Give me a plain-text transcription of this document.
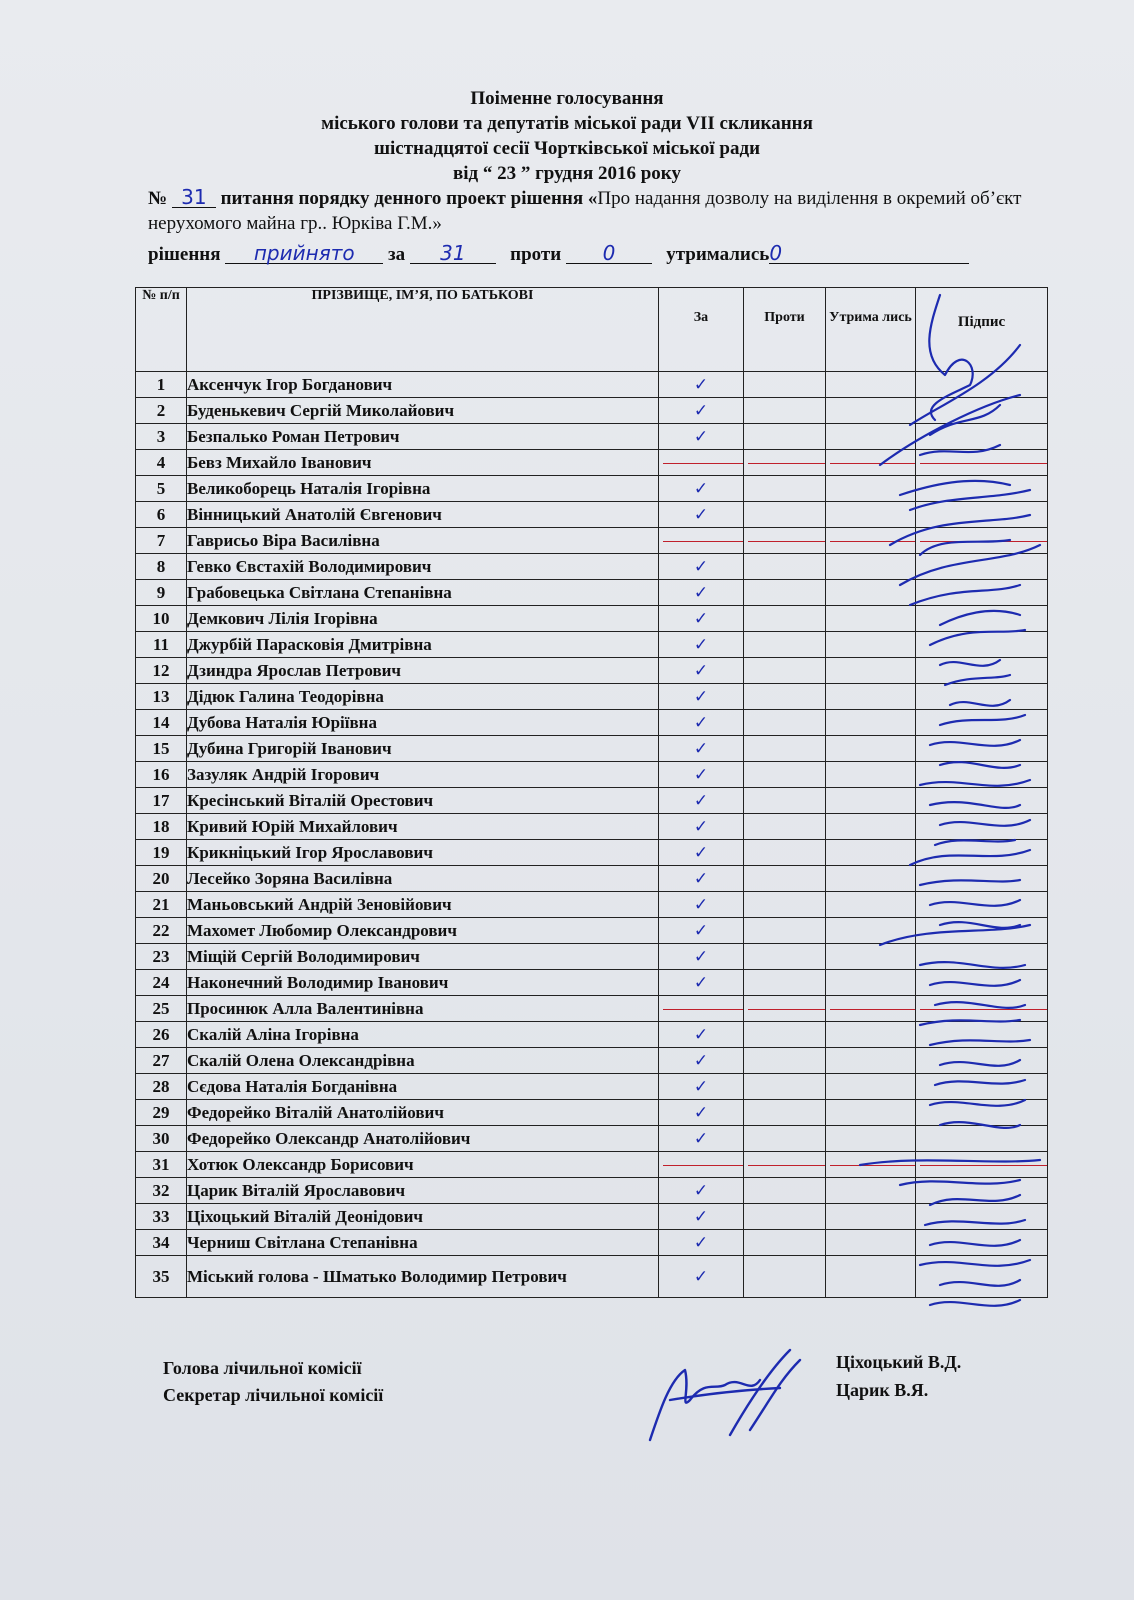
Поіменне голосування
міського голови та депутатів міської ради VII скликання
шістнадцятої сесії Чортківської міської ради
від “ 23 ” грудня 2016 року
№ 31 питання порядку денного проект рішення «Про надання дозволу на виділення в окремий об’єкт нерухомого майна гр.. Юрківа Г.М.»
рішення прийнято за 31 проти 0	утримались0
№ п/п	ПРІЗВИЩЕ, ІМ’Я, ПО БАТЬКОВІ	За	Проти	Утрима лись	Підпис
1	Аксенчук Ігор Богданович	✓			
2	Буденькевич Сергій Миколайович	✓			
3	Безпалько Роман Петрович	✓			
4	Бевз Михайло Іванович				
5	Великоборець Наталія Ігорівна	✓			
6	Вінницький Анатолій Євгенович	✓			
7	Гаврисьо Віра Василівна				
8	Гевко Євстахій Володимирович	✓			
9	Грабовецька Світлана Степанівна	✓			
10	Демкович Лілія Ігорівна	✓			
11	Джурбій Парасковія Дмитрівна	✓			
12	Дзиндра Ярослав Петрович	✓			
13	Дідюк Галина Теодорівна	✓			
14	Дубова Наталія Юріївна	✓			
15	Дубина Григорій Іванович	✓			
16	Зазуляк Андрій Ігорович	✓			
17	Кресінський Віталій Орестович	✓			
18	Кривий Юрій Михайлович	✓			
19	Крикніцький Ігор Ярославович	✓			
20	Лесейко Зоряна Василівна	✓			
21	Маньовський Андрій Зеновійович	✓			
22	Махомет Любомир Олександрович	✓			
23	Міщій Сергій Володимирович	✓			
24	Наконечний Володимир Іванович	✓			
25	Просинюк Алла Валентинівна				
26	Скалій Аліна Ігорівна	✓			
27	Скалій Олена Олександрівна	✓			
28	Сєдова Наталія Богданівна	✓			
29	Федорейко Віталій Анатолійович	✓			
30	Федорейко Олександр Анатолійович	✓			
31	Хотюк Олександр Борисович				
32	Царик Віталій Ярославович	✓			
33	Ціхоцький Віталій Деонідович	✓			
34	Черниш Світлана Степанівна	✓			
35	Міський голова - Шматько Володимир Петрович	✓			
Голова лічильної комісії
Секретар лічильної комісії
Ціхоцький В.Д.
Царик В.Я.
